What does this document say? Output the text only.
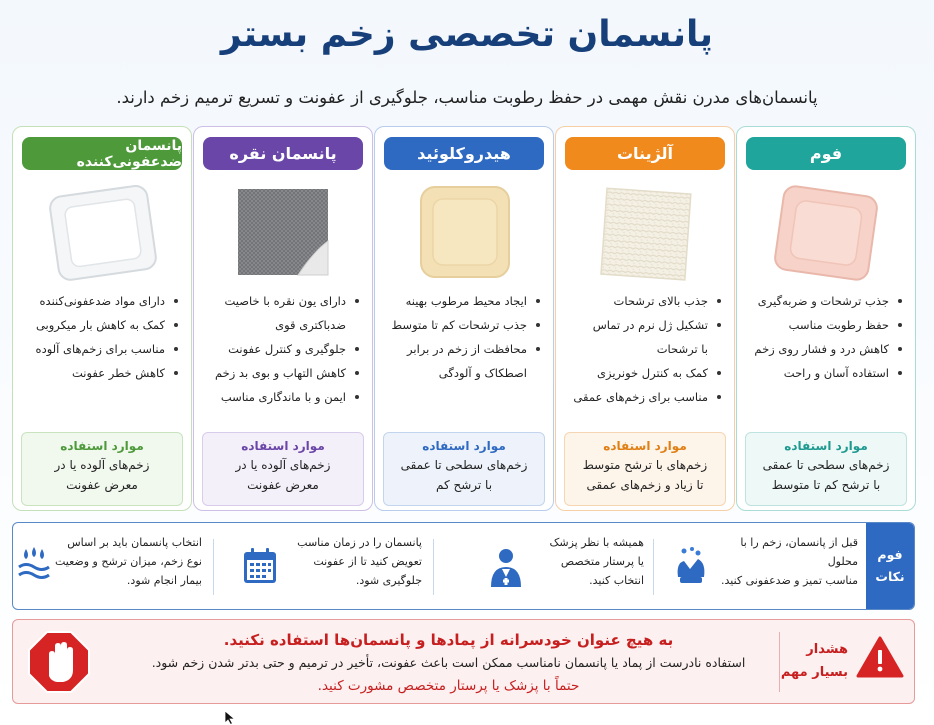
پانسمان تخصصی زخم بستر
پانسمان‌های مدرن نقش مهمی در حفظ رطوبت مناسب، جلوگیری از عفونت و تسریع ترمیم زخم دارند.
فوم
جذب ترشحات و ضربه‌گیری
حفظ رطوبت مناسب
کاهش درد و فشار روی زخم
استفاده آسان و راحت
موارد استفاده
زخم‌های سطحی تا عمقی
با ترشح کم تا متوسط
آلژینات
جذب بالای ترشحات
تشکیل ژل نرم در تماس
با ترشحات
کمک به کنترل خونریزی
مناسب برای زخم‌های عمقی
موارد استفاده
زخم‌های با ترشح متوسط
تا زیاد و زخم‌های عمقی
هیدروکلوئید
ایجاد محیط مرطوب بهینه
جذب ترشحات کم تا متوسط
محافظت از زخم در برابر
اصطکاک و آلودگی
موارد استفاده
زخم‌های سطحی تا عمقی
با ترشح کم
پانسمان نقره
دارای یون نقره با خاصیت
ضدباکتری قوی
جلوگیری و کنترل عفونت
کاهش التهاب و بوی بد زخم
ایمن و با ماندگاری مناسب
موارد استفاده
زخم‌های آلوده یا در
معرض عفونت
پانسمان ضدعفونی‌کننده
دارای مواد ضدعفونی‌کننده
کمک به کاهش بار میکروبی
مناسب برای زخم‌های آلوده
کاهش خطر عفونت
موارد استفاده
زخم‌های آلوده یا در
معرض عفونت
فوم
نکات
قبل از پانسمان، زخم را با محلول
مناسب تمیز و ضدعفونی کنید.
همیشه با نظر پزشک
یا پرستار متخصص
انتخاب کنید.
پانسمان را در زمان مناسب
تعویض کنید تا از عفونت
جلوگیری شود.
انتخاب پانسمان باید بر اساس
نوع زخم، میزان ترشح و وضعیت
بیمار انجام شود.
هشدار
بسیار مهم
به هیچ عنوان خودسرانه از پمادها و پانسمان‌ها استفاده نکنید.
استفاده نادرست از پماد یا پانسمان نامناسب ممکن است باعث عفونت، تأخیر در ترمیم و حتی بدتر شدن زخم شود.
حتماً با پزشک یا پرستار متخصص مشورت کنید.
